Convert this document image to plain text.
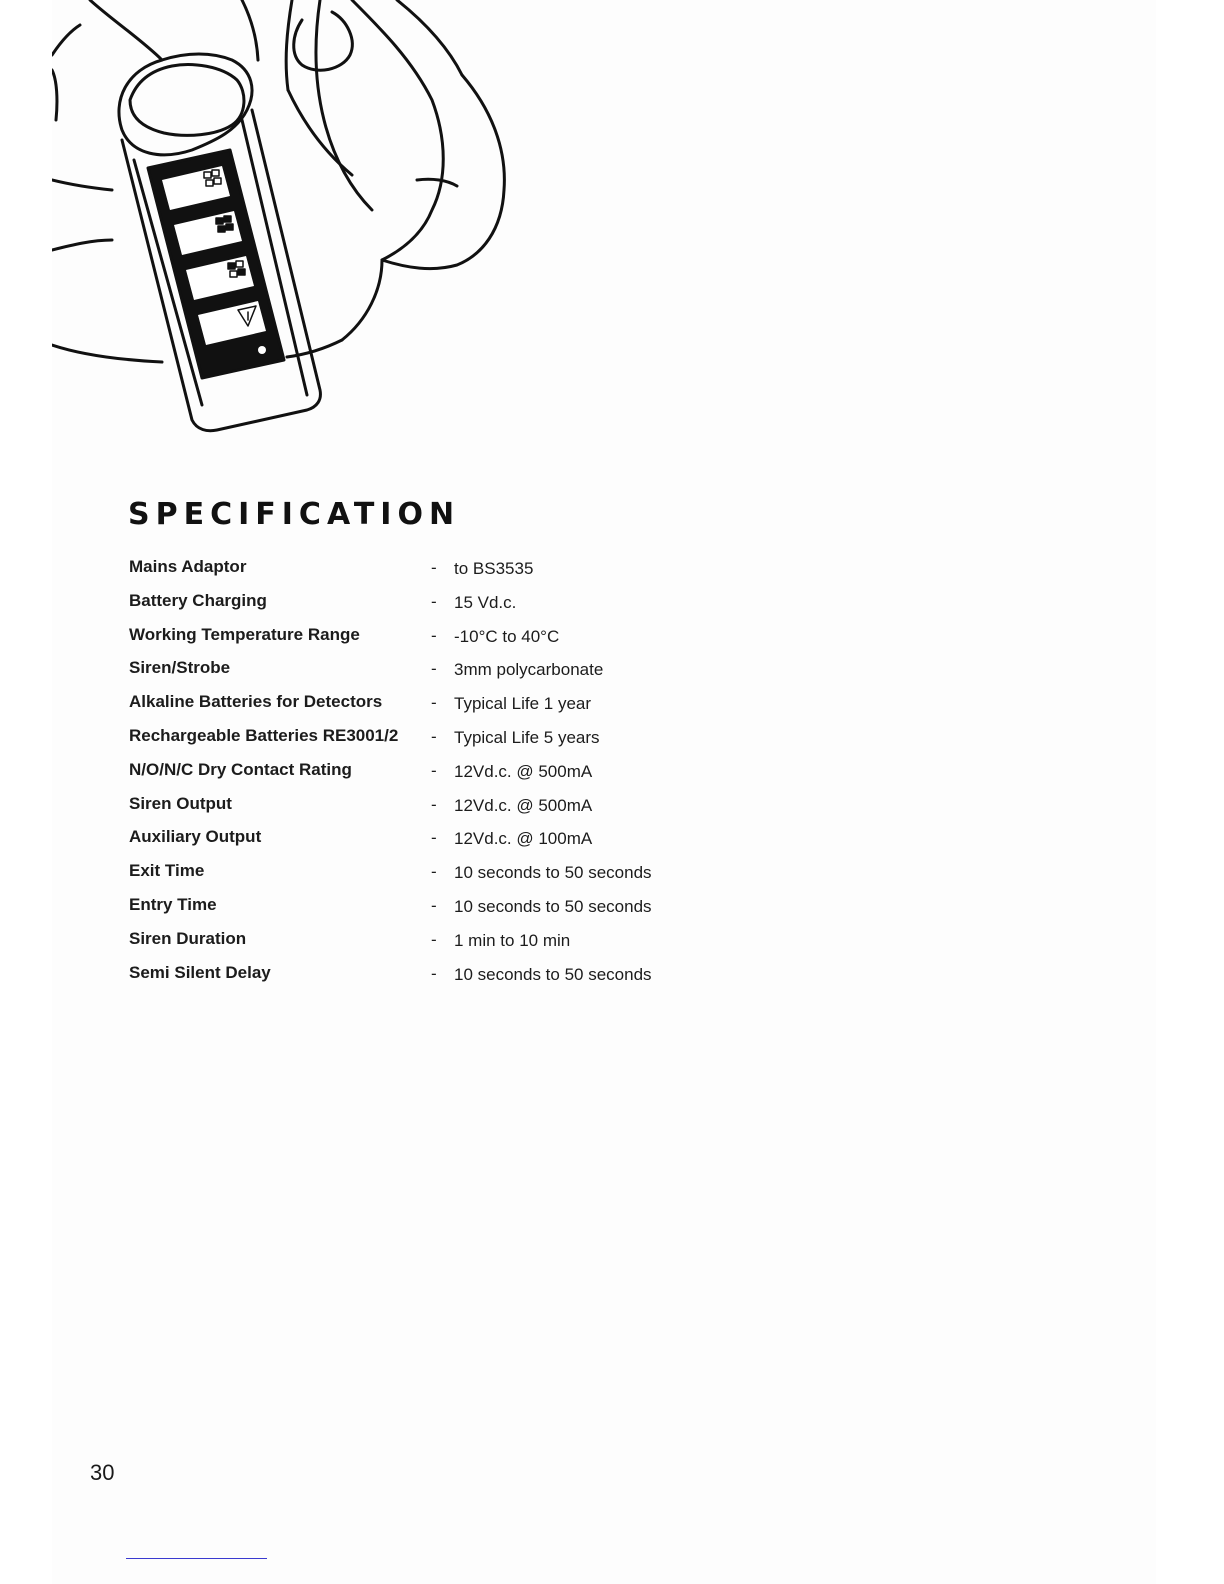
SPECIFICATION
Mains Adaptor	- to BS3535
Battery Charging	- 15 Vd.c.
Working Temperature Range	- -10°C to 40°C
Siren/Strobe	- 3mm polycarbonate
Alkaline Batteries for Detectors	- Typical Life 1 year
Rechargeable Batteries RE3001/2 - Typical Life 5 years
N/O/N/C Dry Contact Rating	- 12Vd.c. @ 500mA
Siren Output	- 12Vd.c. @ 500mA
Auxiliary Output	- 12Vd.c. @ 100mA
Exit Time	- 10 seconds to 50 seconds
Entry Time	- 10 seconds to 50 seconds
Siren Duration	- 1 min to 10 min
Semi Silent Delay	- 10 seconds to 50 seconds
30
